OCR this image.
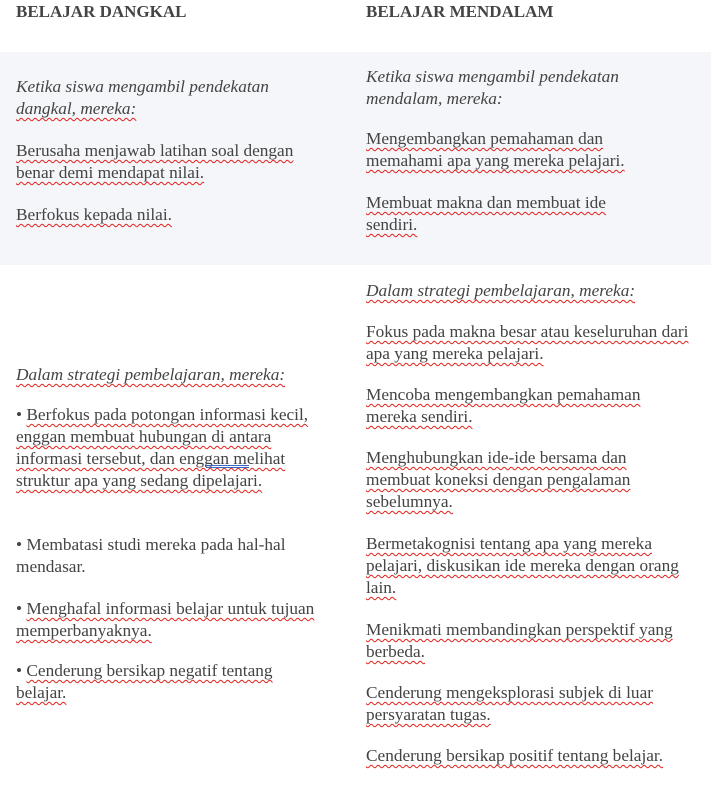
BELAJAR DANGKAL	BELAJAR MENDALAM

Ketika siswa mengambil pendekatan
dangkal, mereka:

Berusaha menjawab latihan soal dengan benar demi mendapat nilai.
Berfokus kepada nilai.
Ketika siswa mengambil pendekatan mendalam, mereka:
Mengembangkan pemahaman dan memahami apa yang mereka pelajari.
Membuat makna dan membuat ide sendiri.
Dalam strategi pembelajaran, mereka:
• Berfokus pada potongan informasi kecil, enggan membuat hubungan di antara informasi tersebut, dan enggan melihat struktur apa yang sedang dipelajari.
• Membatasi studi mereka pada hal-hal mendasar.
• Menghafal informasi belajar untuk tujuan memperbanyaknya.
• Cenderung bersikap negatif tentang belajar.
Dalam strategi pembelajaran, mereka:
Fokus pada makna besar atau keseluruhan dari apa yang mereka pelajari.
Mencoba mengembangkan pemahaman mereka sendiri.
Menghubungkan ide-ide bersama dan membuat koneksi dengan pengalaman sebelumnya.
Bermetakognisi tentang apa yang mereka pelajari, diskusikan ide mereka dengan orang lain.
Menikmati membandingkan perspektif yang berbeda.
Cenderung mengeksplorasi subjek di luar persyaratan tugas.
Cenderung bersikap positif tentang belajar.
